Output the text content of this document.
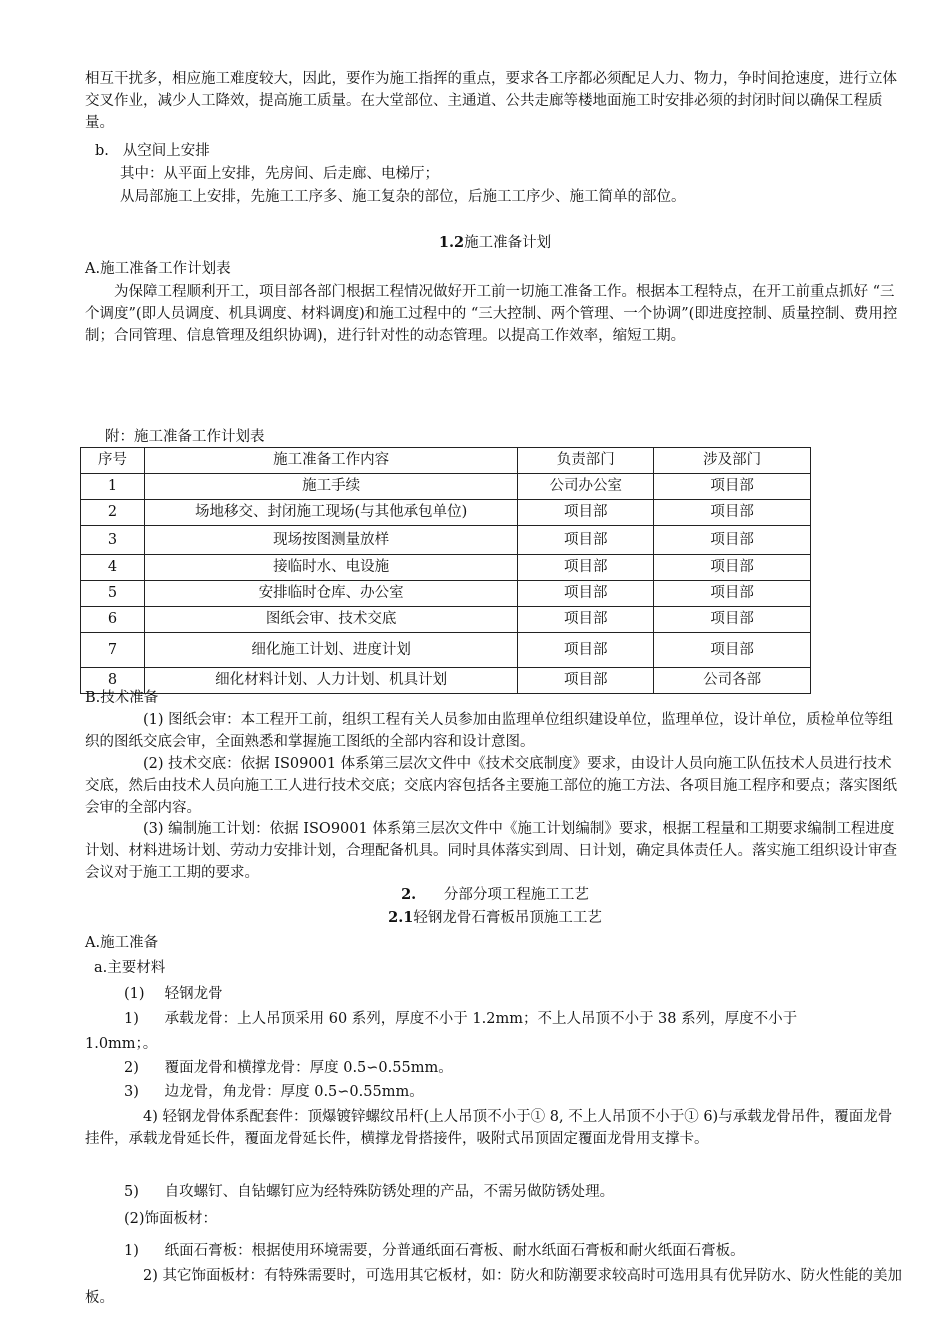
相互干扰多，相应施工难度较大，因此，要作为施工指挥的重点，要求各工序都必须配足人力、物力，争时间抢速度，进行立体交叉作业，减少人工降效，提高施工质量。在大堂部位、主通道、公共走廊等楼地面施工时安排必须的封闭时间以确保工程质量。

b. 从空间上安排

其中：从平面上安排，先房间、后走廊、电梯厅；

从局部施工上安排，先施工工序多、施工复杂的部位，后施工工序少、施工简单的部位。

1.2施工准备计划

A.施工准备工作计划表

为保障工程顺利开工，项目部各部门根据工程情况做好开工前一切施工准备工作。根据本工程特点，在开工前重点抓好 “三个调度”(即人员调度、机具调度、材料调度)和施工过程中的 “三大控制、两个管理、一个协调”(即进度控制、质量控制、费用控制；合同管理、信息管理及组织协调)，进行针对性的动态管理。以提高工作效率，缩短工期。

附：施工准备工作计划表

序号	施工准备工作内容	负责部门	涉及部门
1	施工手续	公司办公室	项目部
2	场地移交、封闭施工现场(与其他承包单位)	项目部	项目部
3	现场按图测量放样	项目部	项目部
4	接临时水、电设施	项目部	项目部
5	安排临时仓库、办公室	项目部	项目部
6	图纸会审、技术交底	项目部	项目部
7	细化施工计划、进度计划	项目部	项目部
8	细化材料计划、人力计划、机具计划	项目部	公司各部

B.技术准备

(1) 图纸会审：本工程开工前，组织工程有关人员参加由监理单位组织建设单位，监理单位，设计单位，质检单位等组织的图纸交底会审，全面熟悉和掌握施工图纸的全部内容和设计意图。

(2) 技术交底：依据 IS09001 体系第三层次文件中《技术交底制度》要求，由设计人员向施工队伍技术人员进行技术交底，然后由技术人员向施工工人进行技术交底；交底内容包括各主要施工部位的施工方法、各项目施工程序和要点；落实图纸会审的全部内容。

(3) 编制施工计划：依据 ISO9001 体系第三层次文件中《施工计划编制》要求，根据工程量和工期要求编制工程进度计划、材料进场计划、劳动力安排计划，合理配备机具。同时具体落实到周、日计划，确定具体责任人。落实施工组织设计审查会议对于施工工期的要求。

2. 分部分项工程施工工艺

2.1轻钢龙骨石膏板吊顶施工工艺

A.施工准备

a.主要材料

(1) 轻钢龙骨

1) 承载龙骨：上人吊顶采用 60 系列，厚度不小于 1.2mm；不上人吊顶不小于 38 系列，厚度不小于

1.0mm；。

2) 覆面龙骨和横撑龙骨：厚度 0.5∽0.55mm。

3) 边龙骨，角龙骨：厚度 0.5∽0.55mm。

4) 轻钢龙骨体系配套件：顶爆镀锌螺纹吊杆(上人吊顶不小于① 8, 不上人吊顶不小于① 6)与承载龙骨吊件，覆面龙骨挂件，承载龙骨延长件，覆面龙骨延长件，横撑龙骨搭接件，吸附式吊顶固定覆面龙骨用支撑卡。

5) 自攻螺钉、自钻螺钉应为经特殊防锈处理的产品，不需另做防锈处理。

(2)饰面板材：

1) 纸面石膏板：根据使用环境需要，分普通纸面石膏板、耐水纸面石膏板和耐火纸面石膏板。

2) 其它饰面板材：有特殊需要时，可选用其它板材，如：防火和防潮要求较高时可选用具有优异防水、防火性能的美加板。
